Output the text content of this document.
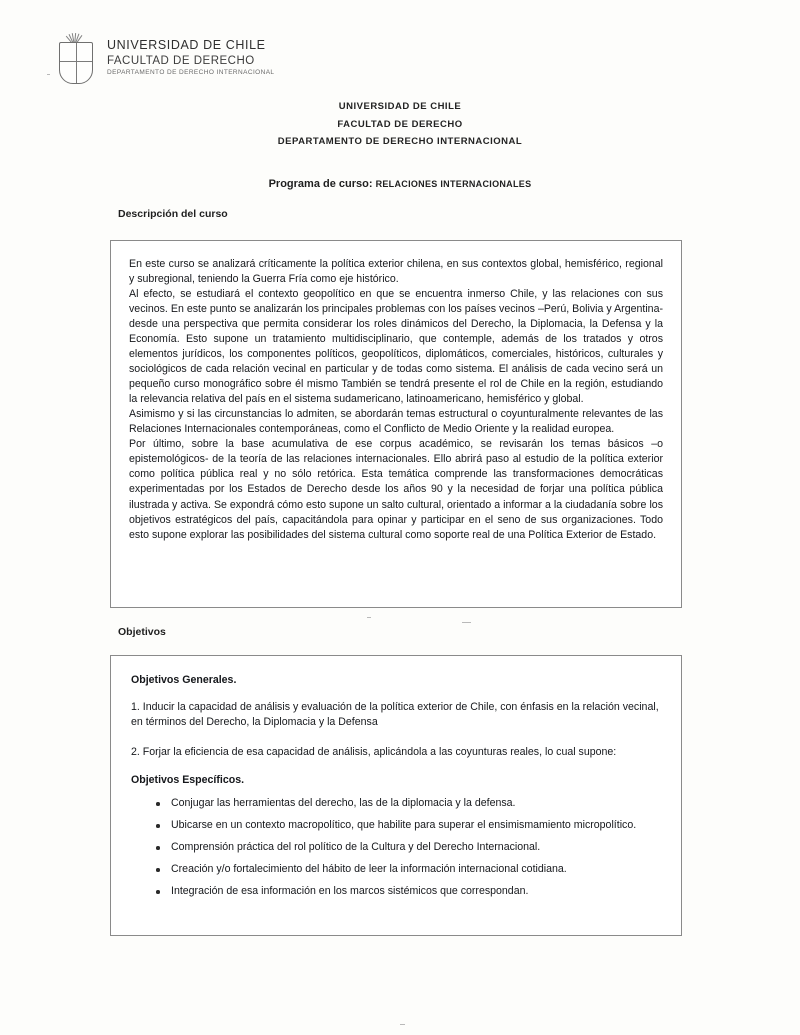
UNIVERSIDAD DE CHILE
FACULTAD DE DERECHO
DEPARTAMENTO DE DERECHO INTERNACIONAL
UNIVERSIDAD DE CHILE
FACULTAD DE DERECHO
DEPARTAMENTO DE DERECHO INTERNACIONAL
Programa de curso: RELACIONES INTERNACIONALES
Descripción del curso

En este curso se analizará críticamente la política exterior chilena, en sus contextos global, hemisférico, regional y subregional, teniendo la Guerra Fría como eje histórico.

Al efecto, se estudiará el contexto geopolítico en que se encuentra inmerso Chile, y las relaciones con sus vecinos. En este punto se analizarán los principales problemas con los países vecinos –Perú, Bolivia y Argentina- desde una perspectiva que permita considerar los roles dinámicos del Derecho, la Diplomacia, la Defensa y la Economía. Esto supone un tratamiento multidisciplinario, que contemple, además de los tratados y otros elementos jurídicos, los componentes políticos, geopolíticos, diplomáticos, comerciales, históricos, culturales y sociológicos de cada relación vecinal en particular y de todas como sistema. El análisis de cada vecino será un pequeño curso monográfico sobre él mismo También se tendrá presente el rol de Chile en la región, estudiando la relevancia relativa del país en el sistema sudamericano, latinoamericano, hemisférico y global.

Asimismo y si las circunstancias lo admiten, se abordarán temas estructural o coyunturalmente relevantes de las Relaciones Internacionales contemporáneas, como el Conflicto de Medio Oriente y la realidad europea.

Por último, sobre la base acumulativa de ese corpus académico, se revisarán los temas básicos –o epistemológicos- de la teoría de las relaciones internacionales. Ello abrirá paso al estudio de la política exterior como política pública real y no sólo retórica. Esta temática comprende las transformaciones democráticas experimentadas por los Estados de Derecho desde los años 90 y la necesidad de forjar una política pública ilustrada y activa. Se expondrá cómo esto supone un salto cultural, orientado a informar a la ciudadanía sobre los objetivos estratégicos del país, capacitándola para opinar y participar en el seno de sus organizaciones. Todo esto supone explorar las posibilidades del sistema cultural como soporte real de una Política Exterior de Estado.

Objetivos

Objetivos Generales.

1. Inducir la capacidad de análisis y evaluación de la política exterior de Chile, con énfasis en la relación vecinal, en términos del Derecho, la Diplomacia y la Defensa

2. Forjar la eficiencia de esa capacidad de análisis, aplicándola a las coyunturas reales, lo cual supone:

Objetivos Específicos.

Conjugar las herramientas del derecho, las de la diplomacia y la defensa.
Ubicarse en un contexto macropolítico, que habilite para superar el ensimismamiento micropolítico.
Comprensión práctica del rol político de la Cultura y del Derecho Internacional.
Creación y/o fortalecimiento del hábito de leer la información internacional cotidiana.
Integración de esa información en los marcos sistémicos que correspondan.
